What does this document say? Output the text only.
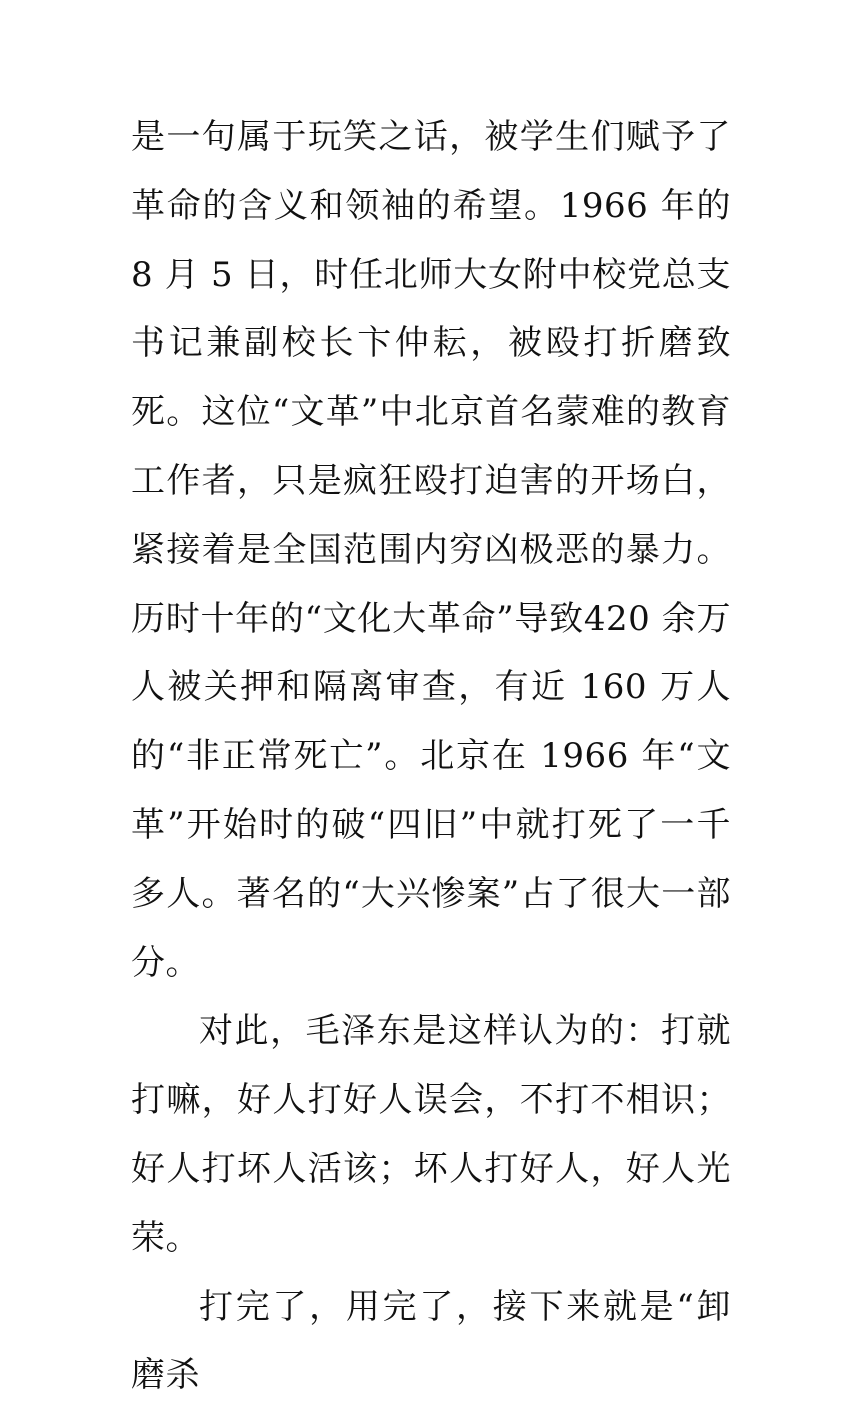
是一句属于玩笑之话，被学生们赋予了革命的含义和领袖的希望。1966 年的 8 月 5 日，时任北师大女附中校党总支书记兼副校长卞仲耘，被殴打折磨致死。这位“文革”中北京首名蒙难的教育工作者，只是疯狂殴打迫害的开场白，紧接着是全国范围内穷凶极恶的暴力。历时十年的“文化大革命”导致420 余万人被关押和隔离审查，有近 160 万人的“非正常死亡”。北京在 1966 年“文革”开始时的破“四旧”中就打死了一千多人。著名的“大兴惨案”占了很大一部分。

对此，毛泽东是这样认为的：打就打嘛，好人打好人误会，不打不相识；好人打坏人活该；坏人打好人，好人光荣。

打完了，用完了，接下来就是“卸磨杀
